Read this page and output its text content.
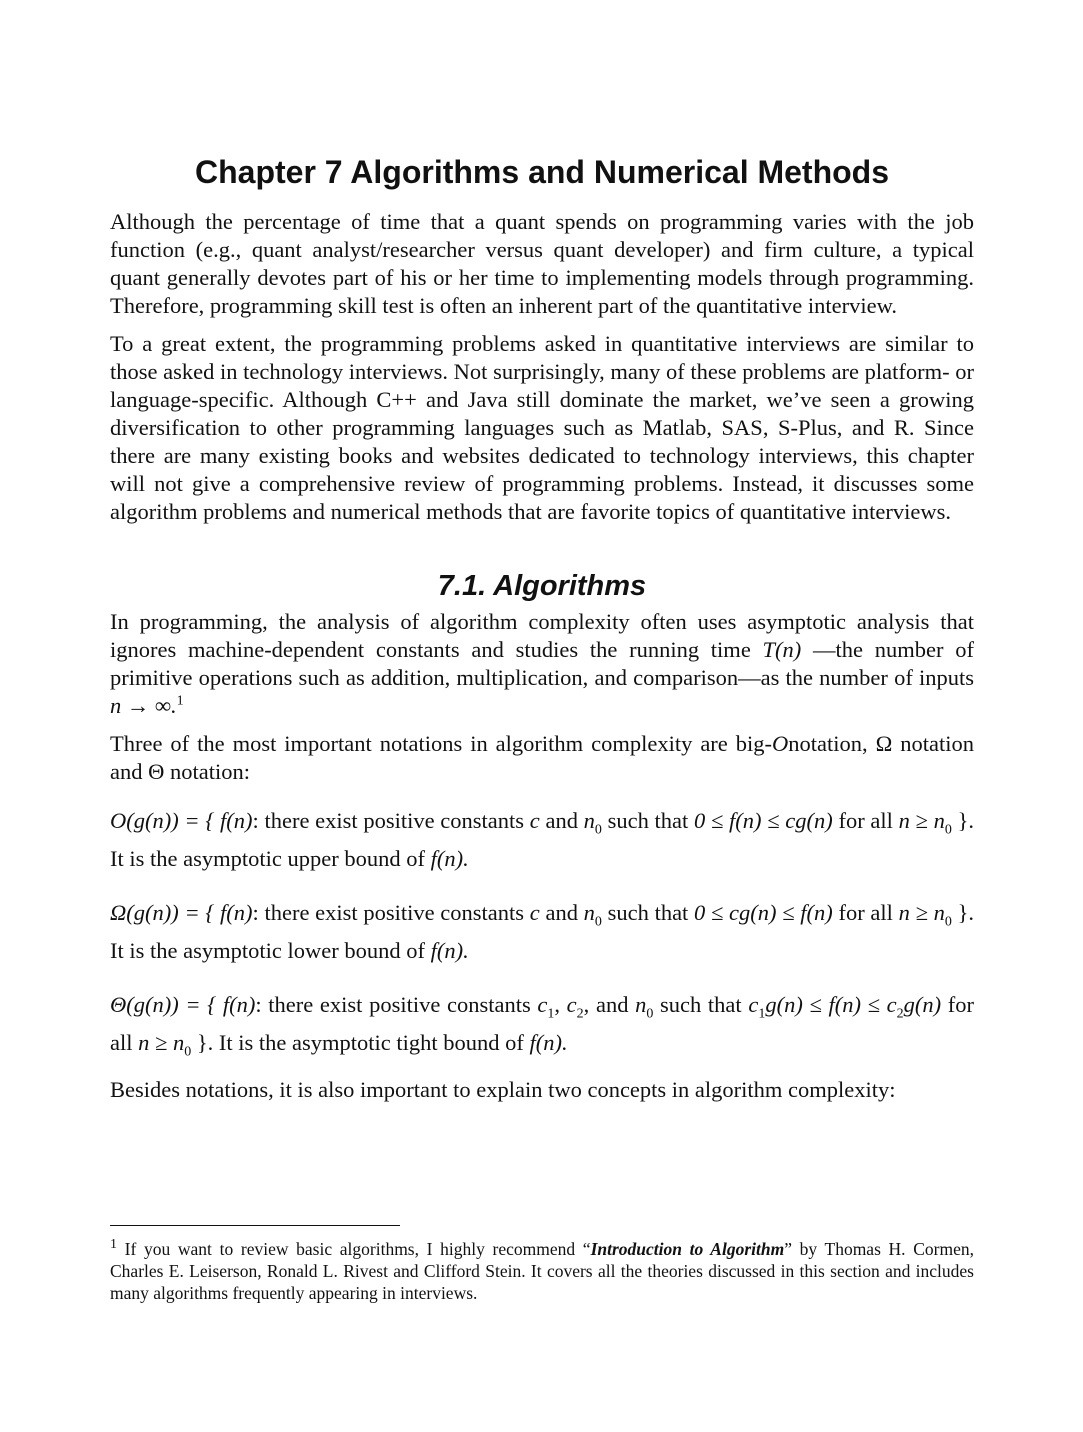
Chapter 7 Algorithms and Numerical Methods

Although the percentage of time that a quant spends on programming varies with the job function (e.g., quant analyst/researcher versus quant developer) and firm culture, a typical quant generally devotes part of his or her time to implementing models through programming. Therefore, programming skill test is often an inherent part of the quantitative interview.

To a great extent, the programming problems asked in quantitative interviews are similar to those asked in technology interviews. Not surprisingly, many of these problems are platform- or language-specific. Although C++ and Java still dominate the market, we’ve seen a growing diversification to other programming languages such as Matlab, SAS, S-Plus, and R. Since there are many existing books and websites dedicated to technology interviews, this chapter will not give a comprehensive review of programming problems. Instead, it discusses some algorithm problems and numerical methods that are favorite topics of quantitative interviews.

7.1. Algorithms

In programming, the analysis of algorithm complexity often uses asymptotic analysis that ignores machine-dependent constants and studies the running time T(n) —the number of primitive operations such as addition, multiplication, and comparison—as the number of inputs n → ∞.$^1$

Three of the most important notations in algorithm complexity are big-Onotation, Ω notation and Θ notation:

O(g(n)) = { f(n): there exist positive constants c and $n_0$ such that 0 ≤ f(n) ≤ cg(n) for all $n \ge n_0$ }. It is the asymptotic upper bound of f(n).

Ω(g(n)) = { f(n): there exist positive constants c and $n_0$ such that 0 ≤ cg(n) ≤ f(n) for all $n \ge n_0$ }. It is the asymptotic lower bound of f(n).

Θ(g(n)) = { f(n): there exist positive constants $c_1$, $c_2$, and $n_0$ such that $c_1g(n) \le f(n) \le c_2g(n)$ for all $n \ge n_0$ }. It is the asymptotic tight bound of f(n).

Besides notations, it is also important to explain two concepts in algorithm complexity:

$^1$ If you want to review basic algorithms, I highly recommend “Introduction to Algorithm” by Thomas H. Cormen, Charles E. Leiserson, Ronald L. Rivest and Clifford Stein. It covers all the theories discussed in this section and includes many algorithms frequently appearing in interviews.
